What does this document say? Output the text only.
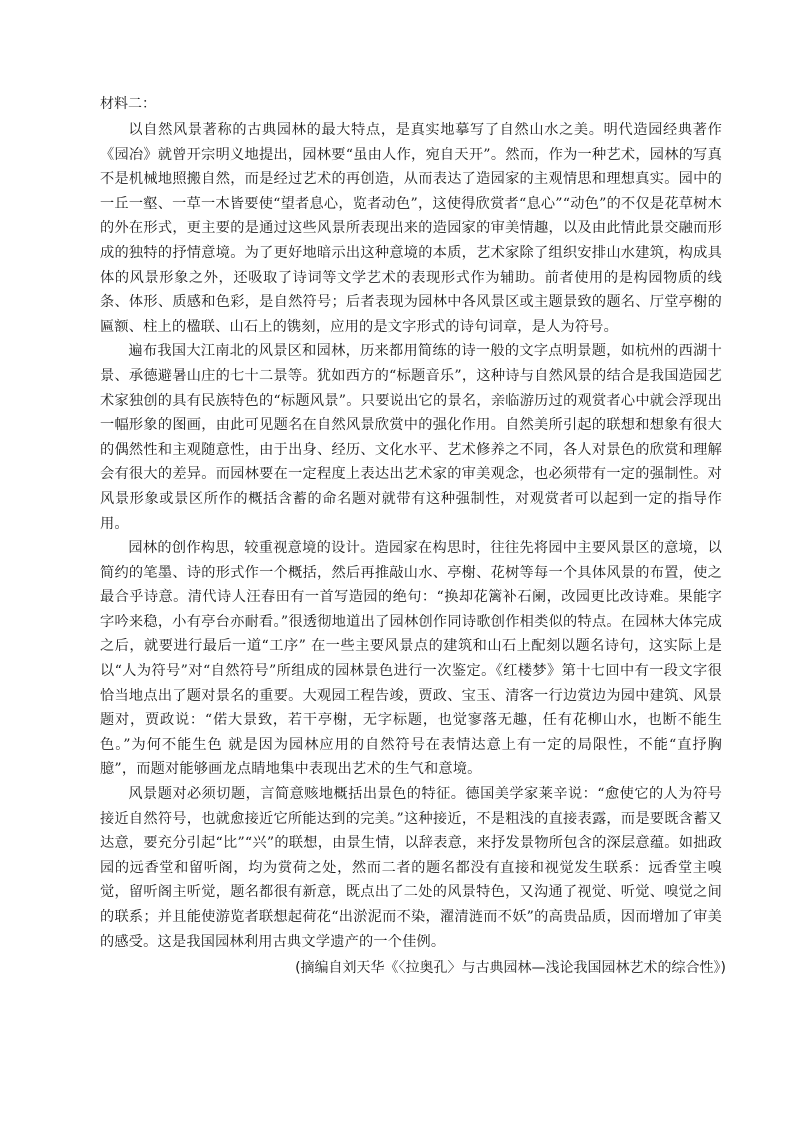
材料二：

以自然风景著称的古典园林的最大特点，是真实地摹写了自然山水之美。明代造园经典著作《园冶》就曾开宗明义地提出，园林要“虽由人作，宛自天开”。然而，作为一种艺术，园林的写真不是机械地照搬自然，而是经过艺术的再创造，从而表达了造园家的主观情思和理想真实。园中的一丘一壑、一草一木皆要使“望者息心，览者动色”，这使得欣赏者“息心”“动色”的不仅是花草树木的外在形式，更主要的是通过这些风景所表现出来的造园家的审美情趣，以及由此情此景交融而形成的独特的抒情意境。为了更好地暗示出这种意境的本质，艺术家除了组织安排山水建筑，构成具体的风景形象之外，还吸取了诗词等文学艺术的表现形式作为辅助。前者使用的是构园物质的线条、体形、质感和色彩，是自然符号；后者表现为园林中各风景区或主题景致的题名、厅堂亭榭的匾额、柱上的楹联、山石上的镌刻，应用的是文字形式的诗句词章，是人为符号。

遍布我国大江南北的风景区和园林，历来都用简练的诗一般的文字点明景题，如杭州的西湖十景、承德避暑山庄的七十二景等。犹如西方的“标题音乐”，这种诗与自然风景的结合是我国造园艺术家独创的具有民族特色的“标题风景”。只要说出它的景名，亲临游历过的观赏者心中就会浮现出一幅形象的图画，由此可见题名在自然风景欣赏中的强化作用。自然美所引起的联想和想象有很大的偶然性和主观随意性，由于出身、经历、文化水平、艺术修养之不同，各人对景色的欣赏和理解会有很大的差异。而园林要在一定程度上表达出艺术家的审美观念，也必须带有一定的强制性。对风景形象或景区所作的概括含蓄的命名题对就带有这种强制性，对观赏者可以起到一定的指导作用。

园林的创作构思，较重视意境的设计。造园家在构思时，往往先将园中主要风景区的意境，以简约的笔墨、诗的形式作一个概括，然后再推敲山水、亭榭、花树等每一个具体风景的布置，使之最合乎诗意。清代诗人汪春田有一首写造园的绝句：“换却花篱补石阑，改园更比改诗难。果能字字吟来稳，小有亭台亦耐看。”很透彻地道出了园林创作同诗歌创作相类似的特点。在园林大体完成之后，就要进行最后一道“工序” 在一些主要风景点的建筑和山石上配刻以题名诗句，这实际上是以“人为符号”对“自然符号”所组成的园林景色进行一次鉴定。《红楼梦》第十七回中有一段文字很恰当地点出了题对景名的重要。大观园工程告竣，贾政、宝玉、清客一行边赏边为园中建筑、风景题对，贾政说：“偌大景致，若干亭榭，无字标题，也觉寥落无趣，任有花柳山水，也断不能生色。”为何不能生色 就是因为园林应用的自然符号在表情达意上有一定的局限性，不能“直抒胸臆”，而题对能够画龙点睛地集中表现出艺术的生气和意境。

风景题对必须切题，言简意赅地概括出景色的特征。德国美学家莱辛说：“愈使它的人为符号接近自然符号，也就愈接近它所能达到的完美。”这种接近，不是粗浅的直接表露，而是要既含蓄又达意，要充分引起“比”“兴”的联想，由景生情，以辞表意，来抒发景物所包含的深层意蕴。如拙政园的远香堂和留听阁，均为赏荷之处，然而二者的题名都没有直接和视觉发生联系：远香堂主嗅觉，留听阁主听觉，题名都很有新意，既点出了二处的风景特色，又沟通了视觉、听觉、嗅觉之间的联系；并且能使游览者联想起荷花“出淤泥而不染，濯清涟而不妖”的高贵品质，因而增加了审美的感受。这是我国园林利用古典文学遗产的一个佳例。

(摘编自刘天华《〈拉奥孔〉与古典园林—浅论我国园林艺术的综合性》)
